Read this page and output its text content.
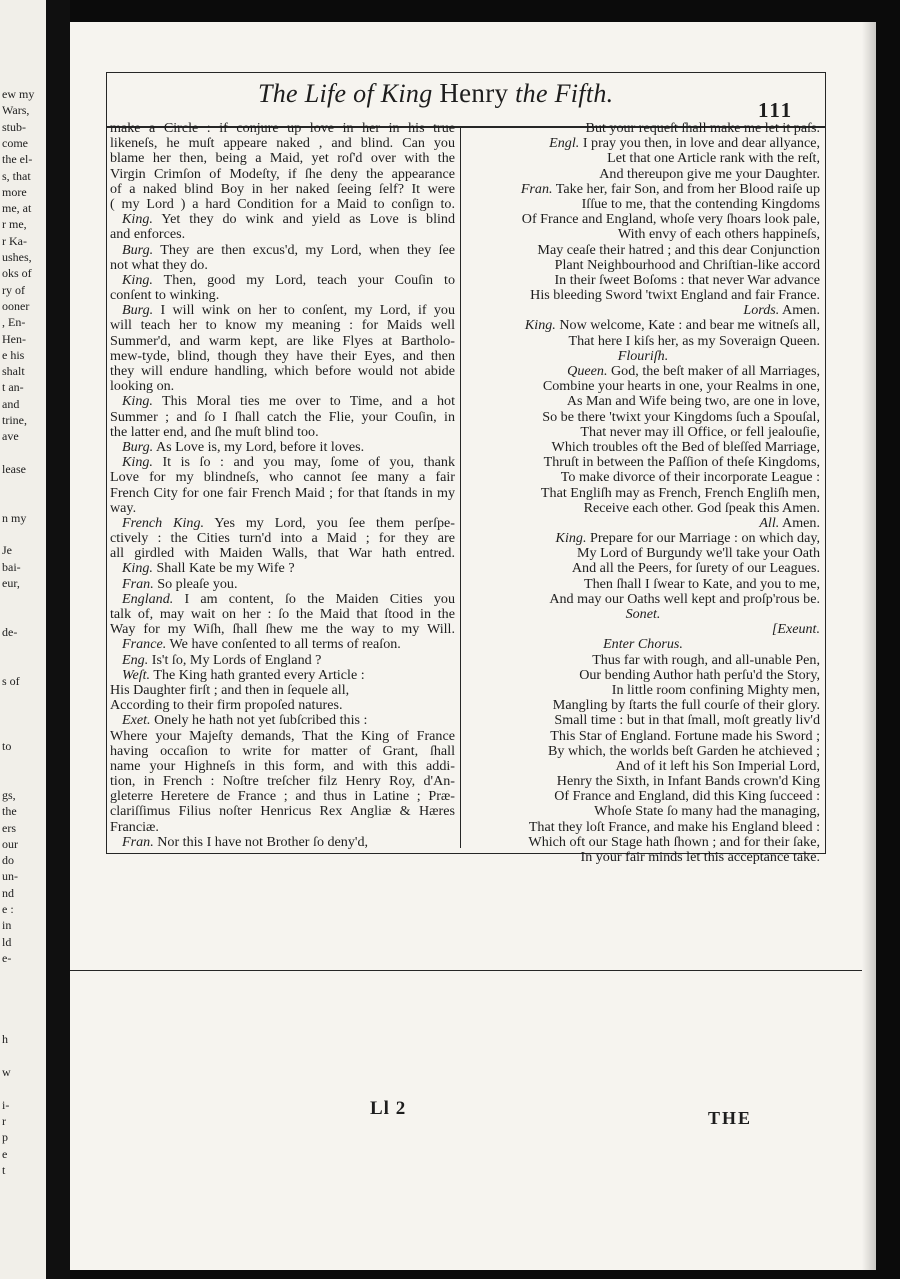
ew my
Wars,
stub-
come
the el-
s, that
more
me, at
r me,
r Ka-
ushes,
oks of
ry of
ooner
, En-
Hen-
e his
shalt
t an-
and
trine,
ave
lease
n my
Je
bai-
eur,
de-
s of
to
gs,
the
ers
our
do
un-
nd
e :
in
ld
e-
h
w
i-
r
p
e
t
The Life of King Henry the Fifth.
111
make a Circle : if conjure up love in her in his true
likeneſs, he muſt appeare naked , and blind. Can you
blame her then, being a Maid, yet roſ'd over with the
Virgin Crimſon of Modeſty, if ſhe deny the appearance
of a naked blind Boy in her naked ſeeing ſelf? It were
( my Lord ) a hard Condition for a Maid to conſign to.
King. Yet they do wink and yield as Love is blind
and enforces.
Burg. They are then excus'd, my Lord, when they ſee
not what they do.
King. Then, good my Lord, teach your Couſin to
conſent to winking.
Burg. I will wink on her to conſent, my Lord, if you
will teach her to know my meaning : for Maids well
Summer'd, and warm kept, are like Flyes at Bartholo-
mew-tyde, blind, though they have their Eyes, and then
they will endure handling, which before would not abide
looking on.
King. This Moral ties me over to Time, and a hot
Summer ; and ſo I ſhall catch the Flie, your Couſin, in
the latter end, and ſhe muſt blind too.
Burg. As Love is, my Lord, before it loves.
King. It is ſo : and you may, ſome of you, thank
Love for my blindneſs, who cannot ſee many a fair
French City for one fair French Maid ; for that ſtands in my
way.
French King. Yes my Lord, you ſee them perſpe-
ctively : the Cities turn'd into a Maid ; for they are
all girdled with Maiden Walls, that War hath entred.
King. Shall Kate be my Wife ?
Fran. So pleaſe you.
England. I am content, ſo the Maiden Cities you
talk of, may wait on her : ſo the Maid that ſtood in the
Way for my Wiſh, ſhall ſhew me the way to my Will.
France. We have conſented to all terms of reaſon.
Eng. Is't ſo, My Lords of England ?
Weſt. The King hath granted every Article :
His Daughter firſt ; and then in ſequele all,
According to their firm propoſed natures.
Exet. Onely he hath not yet ſubſcribed this :
Where your Majeſty demands, That the King of France
having occaſion to write for matter of Grant, ſhall
name your Highneſs in this form, and with this addi-
tion, in French : Noſtre treſcher filz Henry Roy, d'An-
gleterre Heretere de France ; and thus in Latine ; Præ-
clariſſimus Filius noſter Henricus Rex Angliæ & Hæres
Franciæ.
Fran. Nor this I have not Brother ſo deny'd,
But your requeſt ſhall make me let it paſs.
Engl. I pray you then, in love and dear allyance,
Let that one Article rank with the reſt,
And thereupon give me your Daughter.
Fran. Take her, fair Son, and from her Blood raiſe up
Iſſue to me, that the contending Kingdoms
Of France and England, whoſe very ſhoars look pale,
With envy of each others happineſs,
May ceaſe their hatred ; and this dear Conjunction
Plant Neighbourhood and Chriſtian-like accord
In their ſweet Boſoms : that never War advance
His bleeding Sword 'twixt England and fair France.
Lords. Amen.
King. Now welcome, Kate : and bear me witneſs all,
That here I kiſs her, as my Soveraign Queen.
Flouriſh.
Queen. God, the beſt maker of all Marriages,
Combine your hearts in one, your Realms in one,
As Man and Wife being two, are one in love,
So be there 'twixt your Kingdoms ſuch a Spouſal,
That never may ill Office, or fell jealouſie,
Which troubles oft the Bed of bleſſed Marriage,
Thruſt in between the Paſſion of theſe Kingdoms,
To make divorce of their incorporate League :
That Engliſh may as French, French Engliſh men,
Receive each other. God ſpeak this Amen.
All. Amen.
King. Prepare for our Marriage : on which day,
My Lord of Burgundy we'll take your Oath
And all the Peers, for ſurety of our Leagues.
Then ſhall I ſwear to Kate, and you to me,
And may our Oaths well kept and proſp'rous be.
Sonet.
[Exeunt.
Enter Chorus.
Thus far with rough, and all-unable Pen,
Our bending Author hath perſu'd the Story,
In little room confining Mighty men,
Mangling by ſtarts the full courſe of their glory.
Small time : but in that ſmall, moſt greatly liv'd
This Star of England. Fortune made his Sword ;
By which, the worlds beſt Garden he atchieved ;
And of it left his Son Imperial Lord,
Henry the Sixth, in Infant Bands crown'd King
Of France and England, did this King ſucceed :
Whoſe State ſo many had the managing,
That they loſt France, and make his England bleed :
Which oft our Stage hath ſhown ; and for their ſake,
In your fair minds let this acceptance take.
Ll 2	THE
